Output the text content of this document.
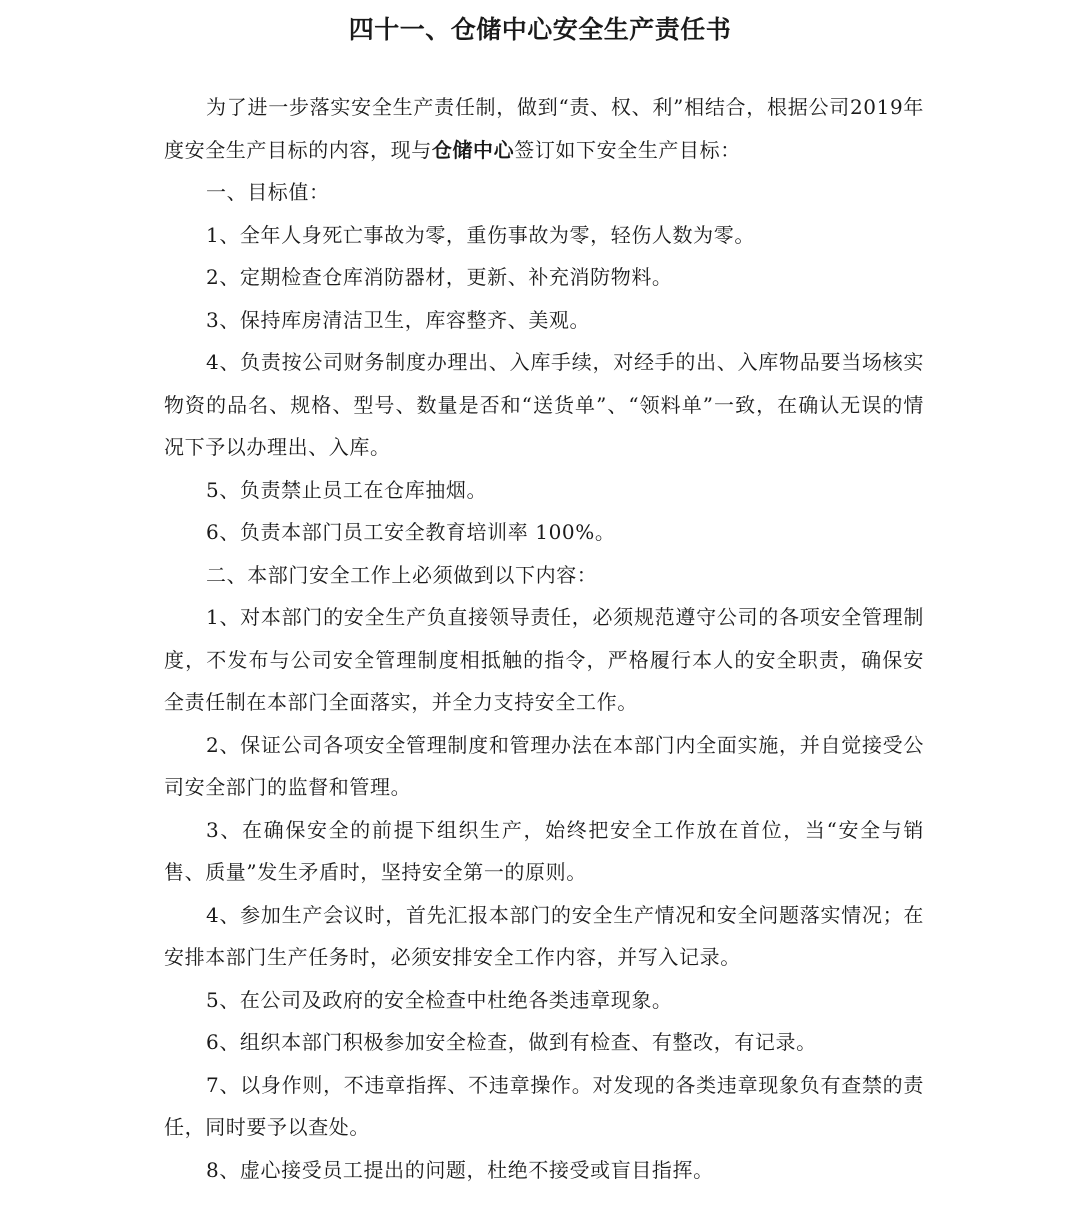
四十一、仓储中心安全生产责任书

为了进一步落实安全生产责任制，做到“责、权、利”相结合，根据公司2019年度安全生产目标的内容，现与仓储中心签订如下安全生产目标：

一、目标值：

1、全年人身死亡事故为零，重伤事故为零，轻伤人数为零。

2、定期检查仓库消防器材，更新、补充消防物料。

3、保持库房清洁卫生，库容整齐、美观。

4、负责按公司财务制度办理出、入库手续，对经手的出、入库物品要当场核实物资的品名、规格、型号、数量是否和“送货单”、“领料单”一致，在确认无误的情况下予以办理出、入库。

5、负责禁止员工在仓库抽烟。

6、负责本部门员工安全教育培训率 100%。

二、本部门安全工作上必须做到以下内容：

1、对本部门的安全生产负直接领导责任，必须规范遵守公司的各项安全管理制度，不发布与公司安全管理制度相抵触的指令，严格履行本人的安全职责，确保安全责任制在本部门全面落实，并全力支持安全工作。

2、保证公司各项安全管理制度和管理办法在本部门内全面实施，并自觉接受公司安全部门的监督和管理。

3、在确保安全的前提下组织生产，始终把安全工作放在首位，当“安全与销售、质量”发生矛盾时，坚持安全第一的原则。

4、参加生产会议时，首先汇报本部门的安全生产情况和安全问题落实情况；在安排本部门生产任务时，必须安排安全工作内容，并写入记录。

5、在公司及政府的安全检查中杜绝各类违章现象。

6、组织本部门积极参加安全检查，做到有检查、有整改，有记录。

7、以身作则，不违章指挥、不违章操作。对发现的各类违章现象负有查禁的责任，同时要予以查处。

8、虚心接受员工提出的问题，杜绝不接受或盲目指挥。
